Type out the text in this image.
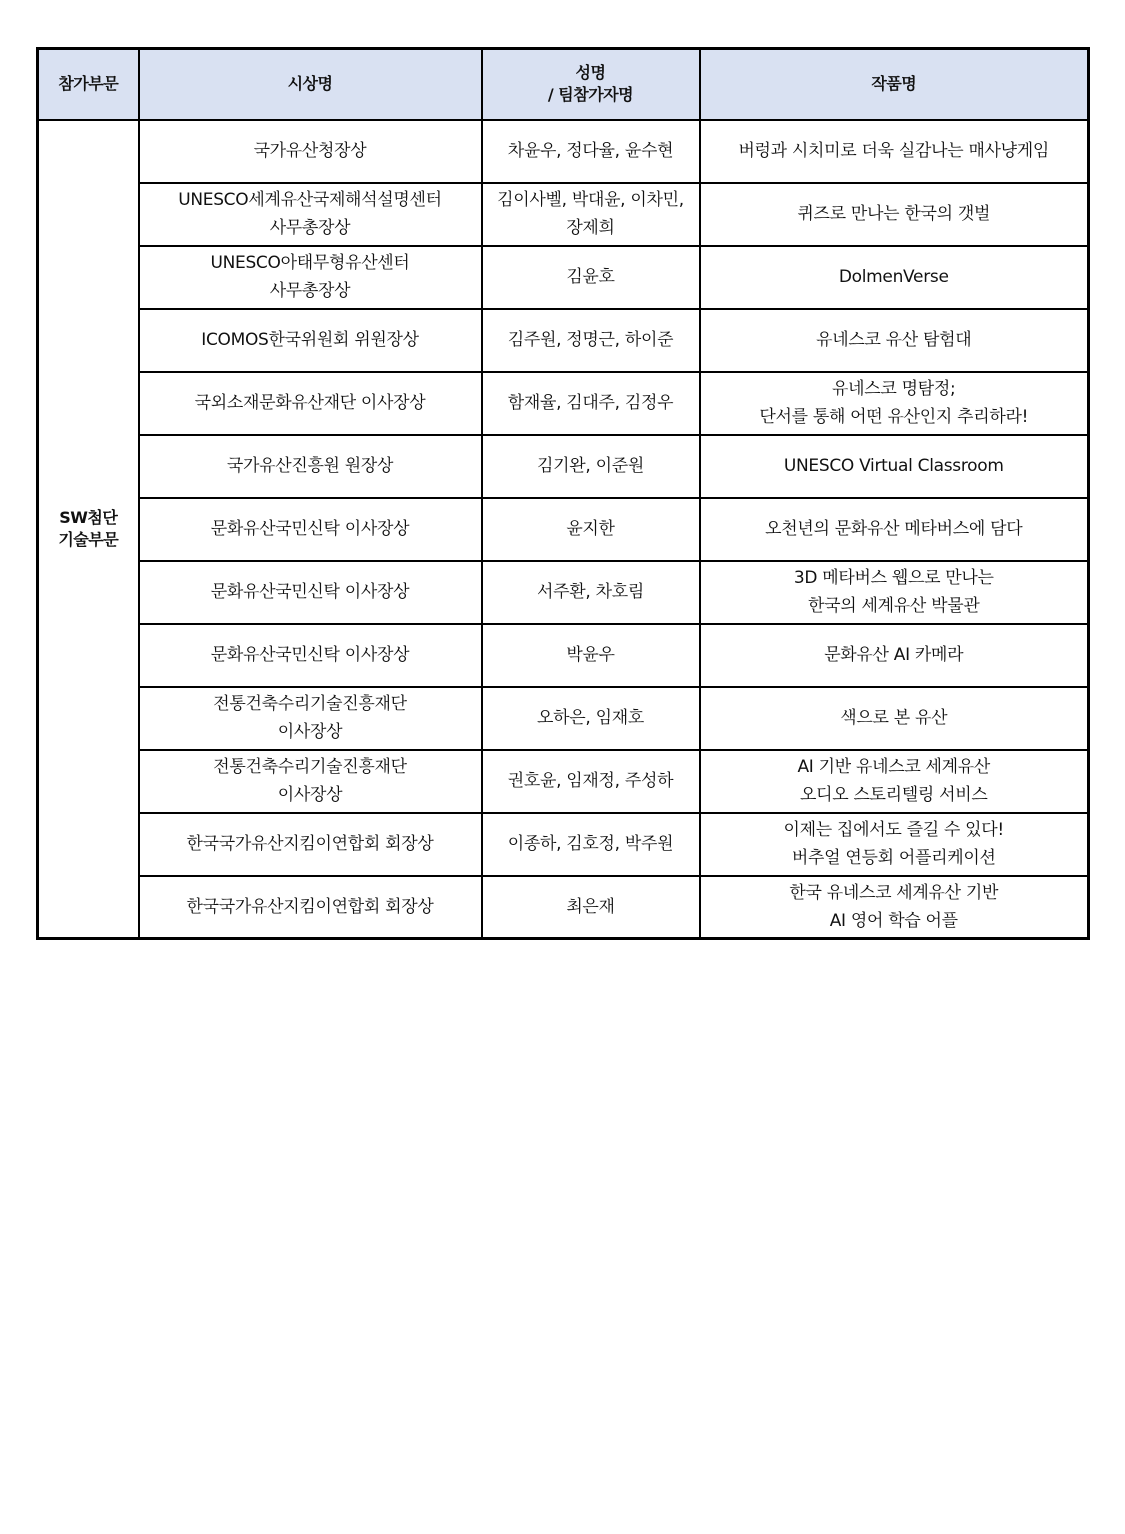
참가부문	시상명	성명
/ 팀참가자명	작품명

SW첨단
기술부문	국가유산청장상	차윤우, 정다율, 윤수현	버렁과 시치미로 더욱 실감나는 매사냥게임

	UNESCO세계유산국제해석설명센터
사무총장상	김이사벨, 박대윤, 이차민,
장제희	퀴즈로 만나는 한국의 갯벌

	UNESCO아태무형유산센터
사무총장상	김윤호	DolmenVerse

	ICOMOS한국위원회 위원장상	김주원, 정명근, 하이준	유네스코 유산 탐험대

	국외소재문화유산재단 이사장상	함재율, 김대주, 김정우	유네스코 명탐정;
단서를 통해 어떤 유산인지 추리하라!

	국가유산진흥원 원장상	김기완, 이준원	UNESCO Virtual Classroom

	문화유산국민신탁 이사장상	윤지한	오천년의 문화유산 메타버스에 담다

	문화유산국민신탁 이사장상	서주환, 차호림	3D 메타버스 웹으로 만나는
한국의 세계유산 박물관

	문화유산국민신탁 이사장상	박윤우	문화유산 AI 카메라

	전통건축수리기술진흥재단
이사장상	오하은, 임재호	색으로 본 유산

	전통건축수리기술진흥재단
이사장상	권호윤, 임재정, 주성하	AI 기반 유네스코 세계유산
오디오 스토리텔링 서비스

	한국국가유산지킴이연합회 회장상	이종하, 김호정, 박주원	이제는 집에서도 즐길 수 있다!
버추얼 연등회 어플리케이션

	한국국가유산지킴이연합회 회장상	최은재	한국 유네스코 세계유산 기반
AI 영어 학습 어플
